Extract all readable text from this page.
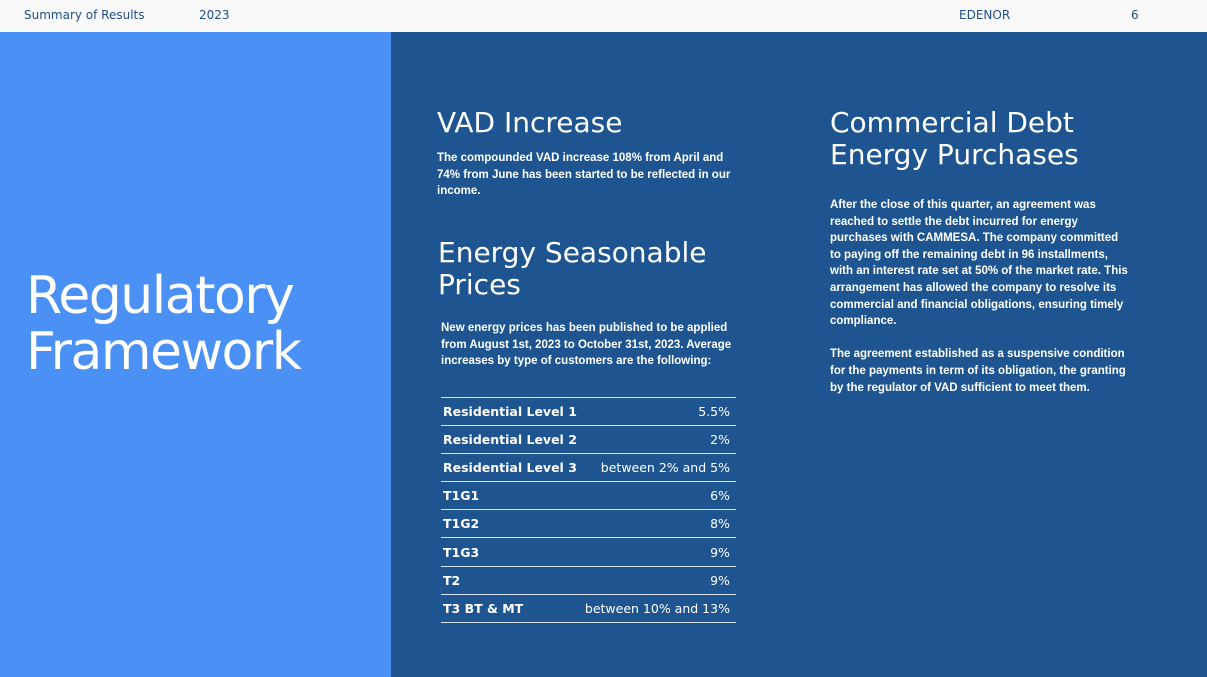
Summary of Results	2023	EDENOR	6
Regulatory
Framework
VAD Increase
The compounded VAD increase 108% from April and 74% from June has been started to be reflected in our income.
Energy Seasonable
Prices
New energy prices has been published to be applied from August 1st, 2023 to October 31st, 2023. Average increases by type of customers are the following:
Residential Level 1	5.5%
Residential Level 2	2%
Residential Level 3	between 2% and 5%
T1G1	6%
T1G2	8%
T1G3	9%
T2	9%
T3 BT & MT	between 10% and 13%
Commercial Debt
Energy Purchases

After the close of this quarter, an agreement was reached to settle the debt incurred for energy purchases with CAMMESA. The company committed to paying off the remaining debt in 96 installments, with an interest rate set at 50% of the market rate. This arrangement has allowed the company to resolve its commercial and financial obligations, ensuring timely compliance.

The agreement established as a suspensive condition for the payments in term of its obligation, the granting by the regulator of VAD sufficient to meet them.
